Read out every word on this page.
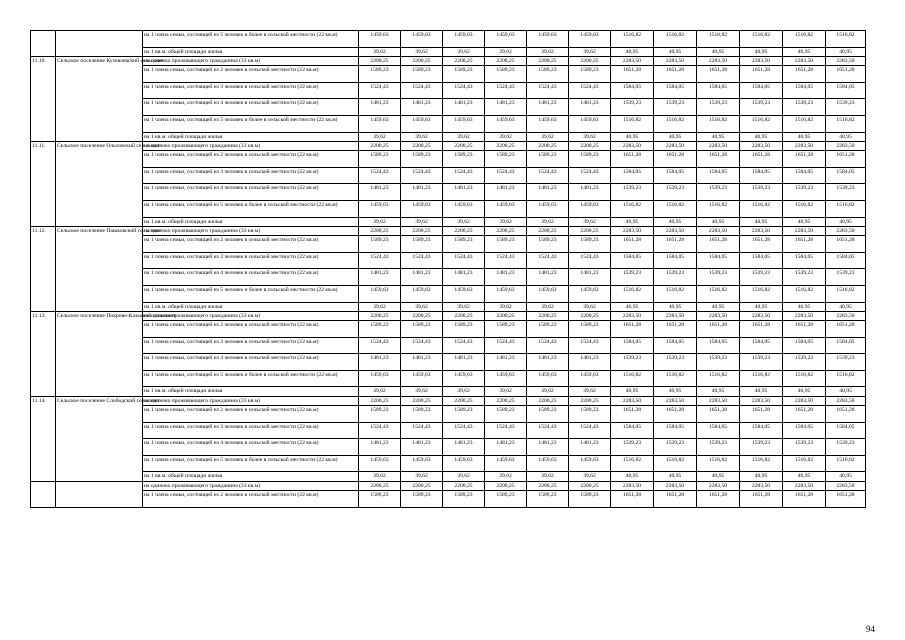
		на 1 члена семьи, состоящей из 5 человек и более в сельской местности (22 кв.м)	1459,63	1459,63	1459,63	1459,63	1459,63	1459,63	1516,82	1516,82	1516,82	1516,82	1516,82	1516,82
		на 1 кв.м. общей площади жилья	39,62	39,62	39,62	39,62	39,62	39,62	40,95	40,95	40,95	40,95	40,95	40,95
11.10.	Сельское поселение Кузовлевский сельсовет	на одиноко проживающего гражданина (33 кв.м)	2200,25	2200,25	2200,25	2200,25	2200,25	2200,25	2283,50	2283,50	2283,50	2283,50	2283,50	2283,50
		на 1 члена семьи, состоящей из 2 человек в сельской местности (22 кв.м)	1589,23	1589,23	1589,23	1589,23	1589,23	1589,23	1651,28	1651,28	1651,28	1651,28	1651,28	1651,28
		на 1 члена семьи, состоящей из 3 человек в сельской местности (22 кв.м)	1524,43	1524,43	1524,43	1524,43	1524,43	1524,43	1584,05	1584,05	1584,05	1584,05	1584,05	1584,05
		на 1 члена семьи, состоящей из 4 человек в сельской местности (22 кв.м)	1481,23	1481,23	1481,23	1481,23	1481,23	1481,23	1539,23	1539,23	1539,23	1539,23	1539,23	1539,23
		на 1 члена семьи, состоящей из 5 человек и более в сельской местности (22 кв.м)	1459,63	1459,63	1459,63	1459,63	1459,63	1459,63	1516,82	1516,82	1516,82	1516,82	1516,82	1516,82
		на 1 кв.м. общей площади жилья	39,62	39,62	39,62	39,62	39,62	39,62	40,95	40,95	40,95	40,95	40,95	40,95
11.11.	Сельское поселение Ольховский сельсовет	на одиноко проживающего гражданина (33 кв.м)	2200,25	2200,25	2200,25	2200,25	2200,25	2200,25	2283,50	2283,50	2283,50	2283,50	2283,50	2283,50
		на 1 члена семьи, состоящей из 2 человек в сельской местности (22 кв.м)	1589,23	1589,23	1589,23	1589,23	1589,23	1589,23	1651,28	1651,28	1651,28	1651,28	1651,28	1651,28
		на 1 члена семьи, состоящей из 3 человек в сельской местности (22 кв.м)	1524,43	1524,43	1524,43	1524,43	1524,43	1524,43	1584,05	1584,05	1584,05	1584,05	1584,05	1584,05
		на 1 члена семьи, состоящей из 4 человек в сельской местности (22 кв.м)	1481,23	1481,23	1481,23	1481,23	1481,23	1481,23	1539,23	1539,23	1539,23	1539,23	1539,23	1539,23
		на 1 члена семьи, состоящей из 5 человек и более в сельской местности (22 кв.м)	1459,63	1459,63	1459,63	1459,63	1459,63	1459,63	1516,82	1516,82	1516,82	1516,82	1516,82	1516,82
		на 1 кв.м. общей площади жилья	39,62	39,62	39,62	39,62	39,62	39,62	40,95	40,95	40,95	40,95	40,95	40,95
11.12.	Сельское поселение Пашковский сельсовет	на одиноко проживающего гражданина (33 кв.м)	2200,25	2200,25	2200,25	2200,25	2200,25	2200,25	2283,50	2283,50	2283,50	2283,50	2283,50	2283,50
		на 1 члена семьи, состоящей из 2 человек в сельской местности (22 кв.м)	1589,23	1589,23	1589,23	1589,23	1589,23	1589,23	1651,28	1651,28	1651,28	1651,28	1651,28	1651,28
		на 1 члена семьи, состоящей из 3 человек в сельской местности (22 кв.м)	1524,43	1524,43	1524,43	1524,43	1524,43	1524,43	1584,05	1584,05	1584,05	1584,05	1584,05	1584,05
		на 1 члена семьи, состоящей из 4 человек в сельской местности (22 кв.м)	1481,23	1481,23	1481,23	1481,23	1481,23	1481,23	1539,23	1539,23	1539,23	1539,23	1539,23	1539,23
		на 1 члена семьи, состоящей из 5 человек и более в сельской местности (22 кв.м)	1459,63	1459,63	1459,63	1459,63	1459,63	1459,63	1516,82	1516,82	1516,82	1516,82	1516,82	1516,82
		на 1 кв.м. общей площади жилья	39,62	39,62	39,62	39,62	39,62	39,62	40,95	40,95	40,95	40,95	40,95	40,95
11.13.	Сельское поселение Покрово-Казацкий сельсовет	на одиноко проживающего гражданина (33 кв.м)	2200,25	2200,25	2200,25	2200,25	2200,25	2200,25	2283,50	2283,50	2283,50	2283,50	2283,50	2283,50
		на 1 члена семьи, состоящей из 2 человек в сельской местности (22 кв.м)	1589,23	1589,23	1589,23	1589,23	1589,23	1589,23	1651,28	1651,28	1651,28	1651,28	1651,28	1651,28
		на 1 члена семьи, состоящей из 3 человек в сельской местности (22 кв.м)	1524,43	1524,43	1524,43	1524,43	1524,43	1524,43	1584,05	1584,05	1584,05	1584,05	1584,05	1584,05
		на 1 члена семьи, состоящей из 4 человек в сельской местности (22 кв.м)	1481,23	1481,23	1481,23	1481,23	1481,23	1481,23	1539,23	1539,23	1539,23	1539,23	1539,23	1539,23
		на 1 члена семьи, состоящей из 5 человек и более в сельской местности (22 кв.м)	1459,63	1459,63	1459,63	1459,63	1459,63	1459,63	1516,82	1516,82	1516,82	1516,82	1516,82	1516,82
		на 1 кв.м. общей площади жилья	39,62	39,62	39,62	39,62	39,62	39,62	40,95	40,95	40,95	40,95	40,95	40,95
11.14.	Сельское поселение Слободский сельсовет	на одиноко проживающего гражданина (33 кв.м)	2200,25	2200,25	2200,25	2200,25	2200,25	2200,25	2283,50	2283,50	2283,50	2283,50	2283,50	2283,50
		на 1 члена семьи, состоящей из 2 человек в сельской местности (22 кв.м)	1589,23	1589,23	1589,23	1589,23	1589,23	1589,23	1651,28	1651,28	1651,28	1651,28	1651,28	1651,28
		на 1 члена семьи, состоящей из 3 человек в сельской местности (22 кв.м)	1524,43	1524,43	1524,43	1524,43	1524,43	1524,43	1584,05	1584,05	1584,05	1584,05	1584,05	1584,05
		на 1 члена семьи, состоящей из 4 человек в сельской местности (22 кв.м)	1481,23	1481,23	1481,23	1481,23	1481,23	1481,23	1539,23	1539,23	1539,23	1539,23	1539,23	1539,23
		на 1 члена семьи, состоящей из 5 человек и более в сельской местности (22 кв.м)	1459,63	1459,63	1459,63	1459,63	1459,63	1459,63	1516,82	1516,82	1516,82	1516,82	1516,82	1516,82
		на 1 кв.м. общей площади жилья	39,62	39,62	39,62	39,62	39,62	39,62	40,95	40,95	40,95	40,95	40,95	40,95
		на одиноко проживающего гражданина (33 кв.м)	2200,25	2200,25	2200,25	2200,25	2200,25	2200,25	2283,50	2283,50	2283,50	2283,50	2283,50	2283,50
		на 1 члена семьи, состоящей из 2 человек в сельской местности (22 кв.м)	1589,23	1589,23	1589,23	1589,23	1589,23	1589,23	1651,28	1651,28	1651,28	1651,28	1651,28	1651,28
94
